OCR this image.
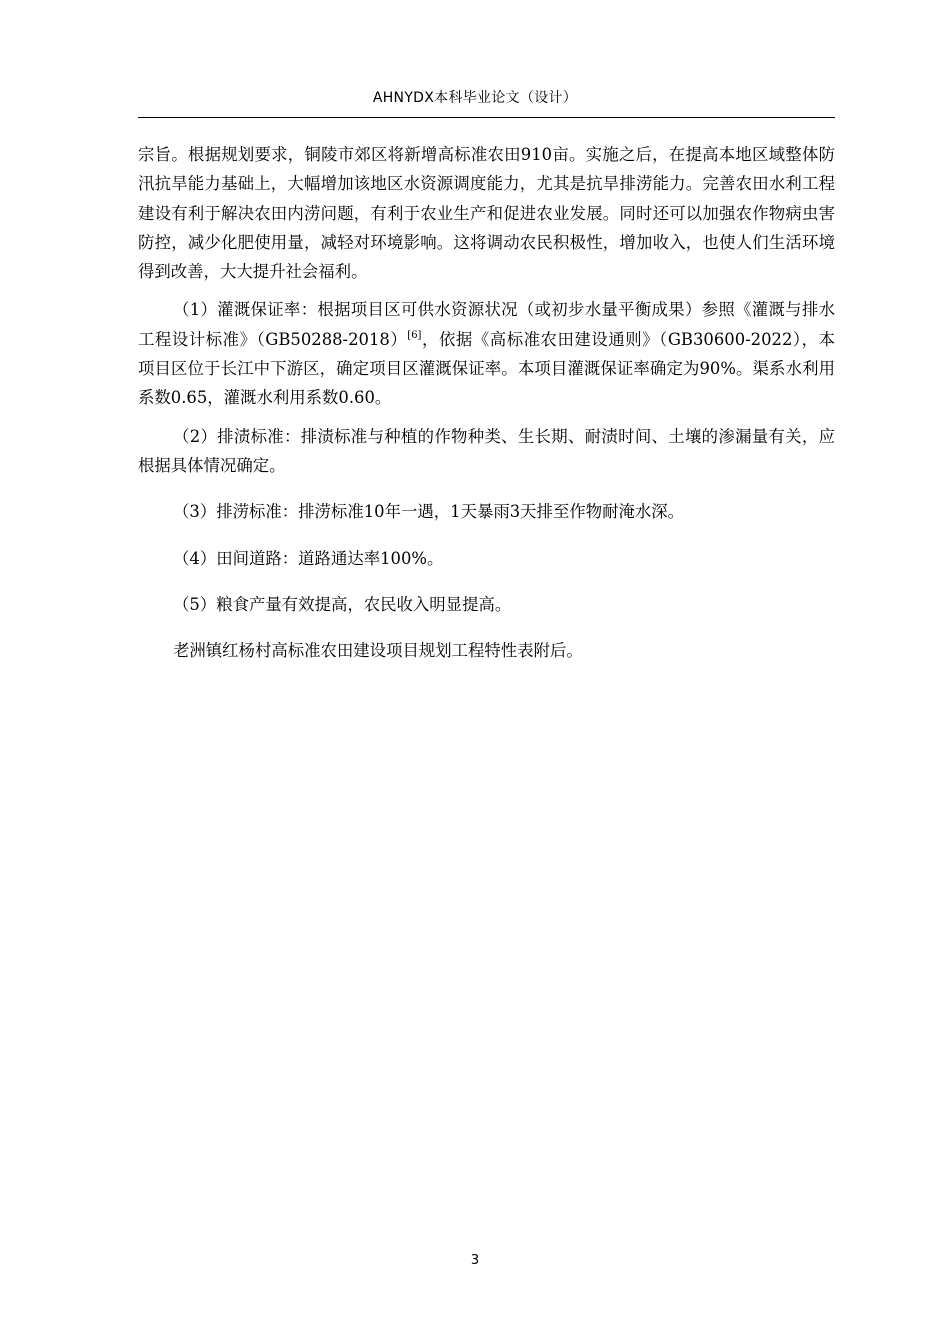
AHNYDX本科毕业论文（设计）

宗旨。根据规划要求，铜陵市郊区将新增高标准农田910亩。实施之后，在提高本地区域整体防汛抗旱能力基础上，大幅增加该地区水资源调度能力，尤其是抗旱排涝能力。完善农田水利工程建设有利于解决农田内涝问题，有利于农业生产和促进农业发展。同时还可以加强农作物病虫害防控，减少化肥使用量，减轻对环境影响。这将调动农民积极性，增加收入，也使人们生活环境得到改善，大大提升社会福利。

（1）灌溉保证率：根据项目区可供水资源状况（或初步水量平衡成果）参照《灌溉与排水工程设计标准》（GB50288-2018）[6]，依据《高标准农田建设通则》（GB30600-2022），本项目区位于长江中下游区，确定项目区灌溉保证率。本项目灌溉保证率确定为90%。渠系水利用系数0.65，灌溉水利用系数0.60。

（2）排渍标准：排渍标准与种植的作物种类、生长期、耐渍时间、土壤的渗漏量有关，应根据具体情况确定。

（3）排涝标准：排涝标准10年一遇，1天暴雨3天排至作物耐淹水深。

（4）田间道路：道路通达率100%。

（5）粮食产量有效提高，农民收入明显提高。

老洲镇红杨村高标准农田建设项目规划工程特性表附后。

3
